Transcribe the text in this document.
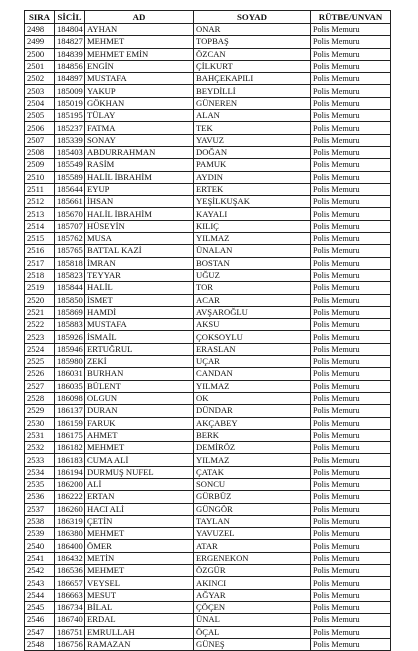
SIRA	SİCİL	AD	SOYAD	RÜTBE/UNVAN
2498	184804	AYHAN	ONAR	Polis Memuru
2499	184827	MEHMET	TOPBAŞ	Polis Memuru
2500	184839	MEHMET EMİN	ÖZCAN	Polis Memuru
2501	184856	ENGİN	ÇİLKURT	Polis Memuru
2502	184897	MUSTAFA	BAHÇEKAPILI	Polis Memuru
2503	185009	YAKUP	BEYDİLLİ	Polis Memuru
2504	185019	GÖKHAN	GÜNEREN	Polis Memuru
2505	185195	TÜLAY	ALAN	Polis Memuru
2506	185237	FATMA	TEK	Polis Memuru
2507	185339	SONAY	YAVUZ	Polis Memuru
2508	185403	ABDURRAHMAN	DOĞAN	Polis Memuru
2509	185549	RASİM	PAMUK	Polis Memuru
2510	185589	HALİL İBRAHİM	AYDIN	Polis Memuru
2511	185644	EYUP	ERTEK	Polis Memuru
2512	185661	İHSAN	YEŞİLKUŞAK	Polis Memuru
2513	185670	HALİL İBRAHİM	KAYALI	Polis Memuru
2514	185707	HÜSEYİN	KILIÇ	Polis Memuru
2515	185762	MUSA	YILMAZ	Polis Memuru
2516	185765	BATTAL KAZİ	ÜNALAN	Polis Memuru
2517	185818	İMRAN	BOSTAN	Polis Memuru
2518	185823	TEYYAR	UĞUZ	Polis Memuru
2519	185844	HALİL	TOR	Polis Memuru
2520	185850	İSMET	ACAR	Polis Memuru
2521	185869	HAMDİ	AVŞAROĞLU	Polis Memuru
2522	185883	MUSTAFA	AKSU	Polis Memuru
2523	185926	İSMAİL	ÇOKSOYLU	Polis Memuru
2524	185946	ERTUĞRUL	ERASLAN	Polis Memuru
2525	185980	ZEKİ	UÇAR	Polis Memuru
2526	186031	BURHAN	CANDAN	Polis Memuru
2527	186035	BÜLENT	YILMAZ	Polis Memuru
2528	186098	OLGUN	OK	Polis Memuru
2529	186137	DURAN	DÜNDAR	Polis Memuru
2530	186159	FARUK	AKÇABEY	Polis Memuru
2531	186175	AHMET	BERK	Polis Memuru
2532	186182	MEHMET	DEMİRÖZ	Polis Memuru
2533	186183	CUMA ALİ	YILMAZ	Polis Memuru
2534	186194	DURMUŞ NUFEL	ÇATAK	Polis Memuru
2535	186200	ALİ	SONCU	Polis Memuru
2536	186222	ERTAN	GÜRBÜZ	Polis Memuru
2537	186260	HACI ALİ	GÜNGÖR	Polis Memuru
2538	186319	ÇETİN	TAYLAN	Polis Memuru
2539	186380	MEHMET	YAVUZEL	Polis Memuru
2540	186400	ÖMER	ATAR	Polis Memuru
2541	186432	METİN	ERGENEKON	Polis Memuru
2542	186536	MEHMET	ÖZGÜR	Polis Memuru
2543	186657	VEYSEL	AKINCI	Polis Memuru
2544	186663	MESUT	AĞYAR	Polis Memuru
2545	186734	BİLAL	ÇÖÇEN	Polis Memuru
2546	186740	ERDAL	ÜNAL	Polis Memuru
2547	186751	EMRULLAH	ÖÇAL	Polis Memuru
2548	186756	RAMAZAN	GÜNEŞ	Polis Memuru
